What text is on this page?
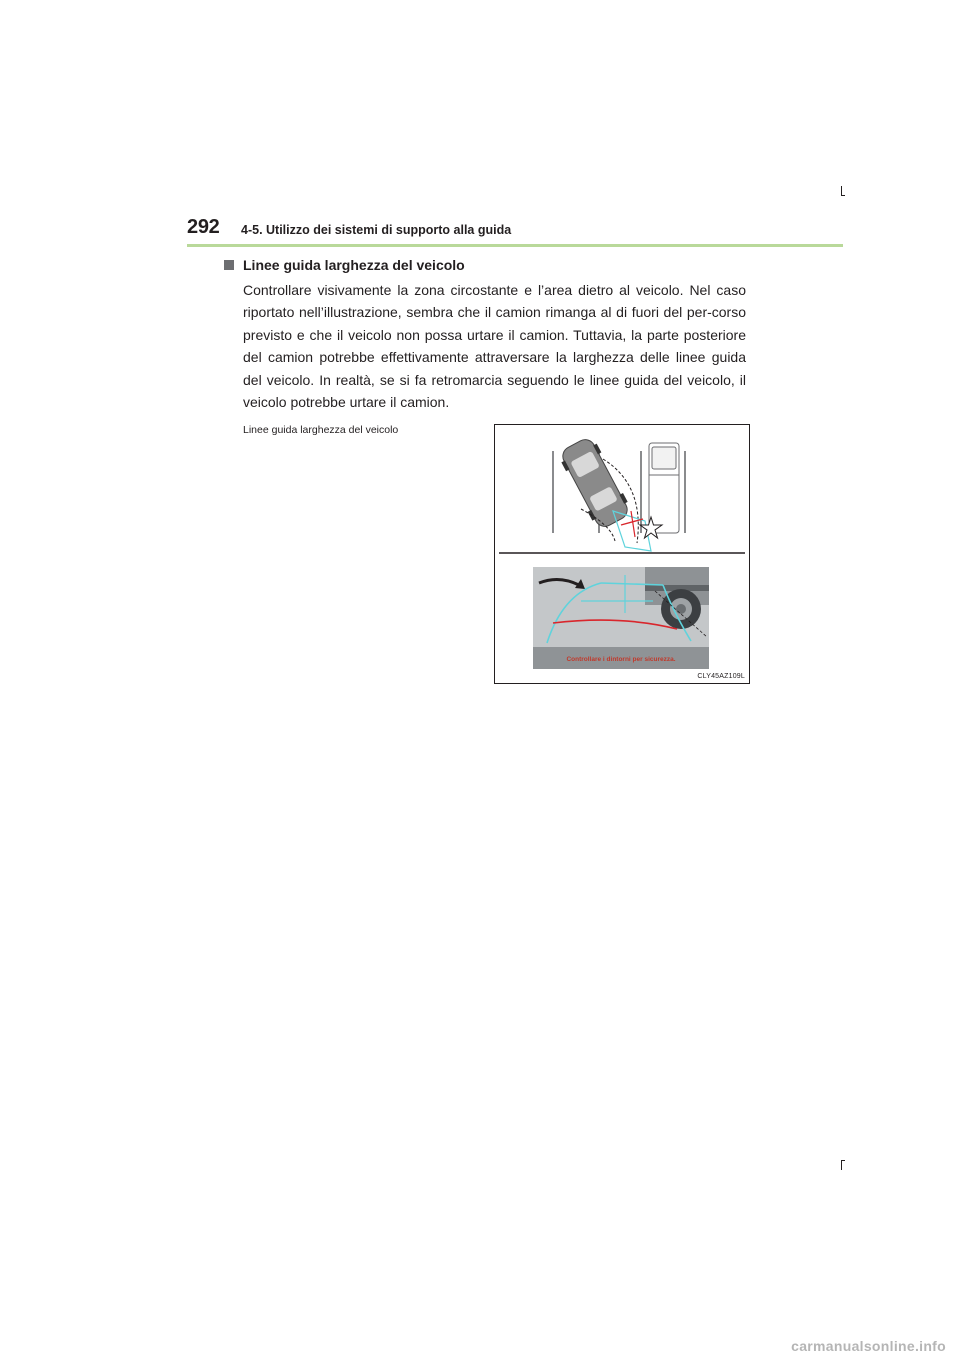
292 4-5. Utilizzo dei sistemi di supporto alla guida
Linee guida larghezza del veicolo
Controllare visivamente la zona circostante e l’area dietro al veicolo. Nel caso riportato nell’illustrazione, sembra che il camion rimanga al di fuori del per-corso previsto e che il veicolo non possa urtare il camion. Tuttavia, la parte posteriore del camion potrebbe effettivamente attraversare la larghezza delle linee guida del veicolo. In realtà, se si fa retromarcia seguendo le linee guida del veicolo, il veicolo potrebbe urtare il camion.
Linee guida larghezza del veicolo
Controllare i dintorni per sicurezza.
CLY45AZ109L
carmanualsonline.info
